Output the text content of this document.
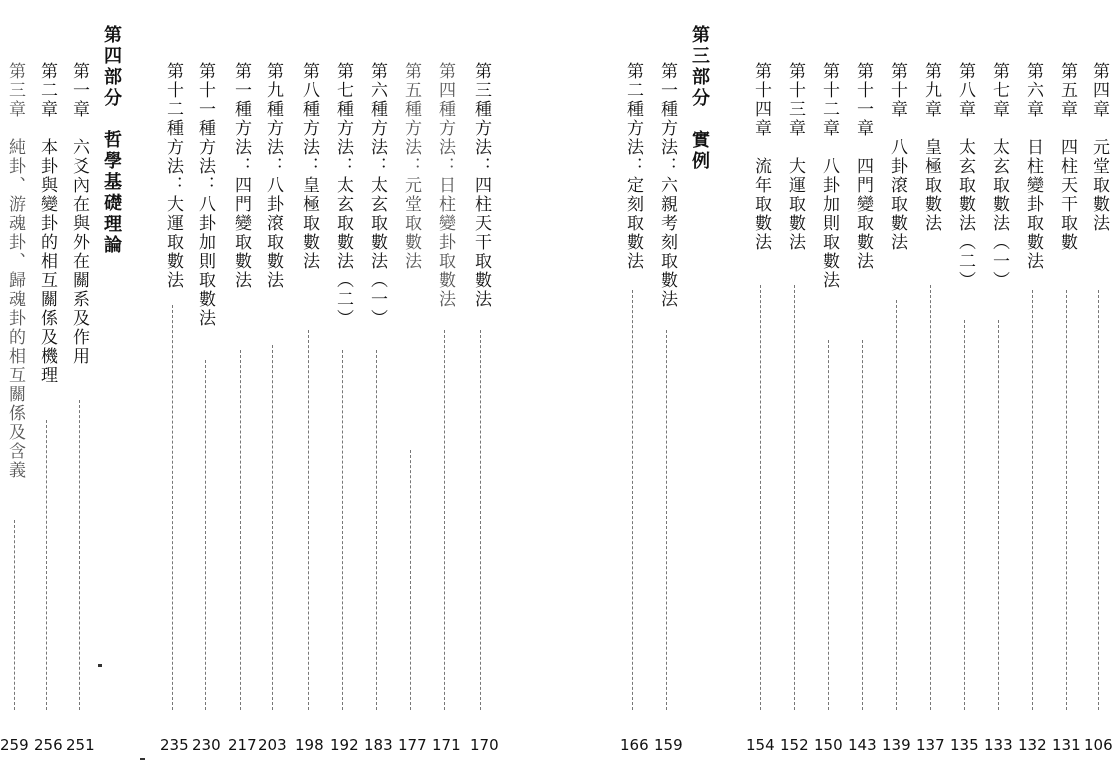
第四部分　哲學基礎理論
第三章　純卦、游魂卦、歸魂卦的相互關係及含義
259
第二章　本卦與變卦的相互關係及機理
256
第一章　六爻內在與外在關系及作用
251
第十二種方法：大運取數法
235
第十一種方法：八卦加則取數法
230
第一種方法：四門變取數法
217
第九種方法：八卦滾取數法
203
第八種方法：皇極取數法
198
第七種方法：太玄取數法（二）
192
第六種方法：太玄取數法（一）
183
第五種方法：元堂取數法
177
第四種方法：日柱變卦取數法
171
第三種方法：四柱天干取數法
170
第三部分　實例
第二種方法：定刻取數法
166
第一種方法：六親考刻取數法
159
第十四章　流年取數法
154
第十三章　大運取數法
152
第十二章　八卦加則取數法
150
第十一章　四門變取數法
143
第十章　八卦滾取數法
139
第九章　皇極取數法
137
第八章　太玄取數法（二）
135
第七章　太玄取數法（一）
133
第六章　日柱變卦取數法
132
第五章　四柱天干取數
131
第四章　元堂取數法
106
